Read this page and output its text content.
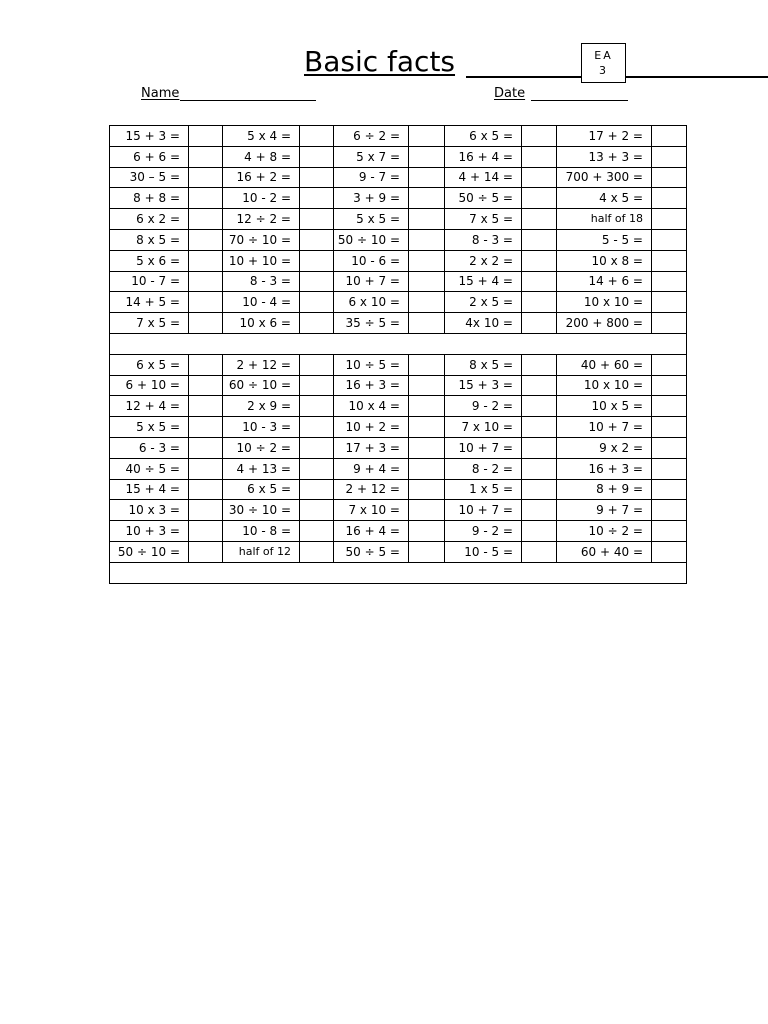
Basic facts	EA
3
Name	Date
15 + 3 =		5 x 4 =		6 ÷ 2 =		6 x 5 =		17 + 2 =	
6 + 6 =		4 + 8 =		5 x 7 =		16 + 4 =		13 + 3 =	
30 – 5 =		16 + 2 =		9 - 7 =		4 + 14 =		700 + 300 =	
8 + 8 =		10 - 2 =		3 + 9 =		50 ÷ 5 =		4 x 5 =	
6 x 2 =		12 ÷ 2 =		5 x 5 =		7 x 5 =		half of 18	
8 x 5 =		70 ÷ 10 =		50 ÷ 10 =		8 - 3 =		5 - 5 =	
5 x 6 =		10 + 10 =		10 - 6 =		2 x 2 =		10 x 8 =	
10 - 7 =		8 - 3 =		10 + 7 =		15 + 4 =		14 + 6 =	
14 + 5 =		10 - 4 =		6 x 10 =		2 x 5 =		10 x 10 =	
7 x 5 =		10 x 6 =		35 ÷ 5 =		4x 10 =		200 + 800 =	

6 x 5 =		2 + 12 =		10 ÷ 5 =		8 x 5 =		40 + 60 =	
6 + 10 =		60 ÷ 10 =		16 + 3 =		15 + 3 =		10 x 10 =	
12 + 4 =		2 x 9 =		10 x 4 =		9 - 2 =		10 x 5 =	
5 x 5 =		10 - 3 =		10 + 2 =		7 x 10 =		10 + 7 =	
6 - 3 =		10 ÷ 2 =		17 + 3 =		10 + 7 =		9 x 2 =	
40 ÷ 5 =		4 + 13 =		9 + 4 =		8 - 2 =		16 + 3 =	
15 + 4 =		6 x 5 =		2 + 12 =		1 x 5 =		8 + 9 =	
10 x 3 =		30 ÷ 10 =		7 x 10 =		10 + 7 =		9 + 7 =	
10 + 3 =		10 - 8 =		16 + 4 =		9 - 2 =		10 ÷ 2 =	
50 ÷ 10 =		half of 12		50 ÷ 5 =		10 - 5 =		60 + 40 =	
